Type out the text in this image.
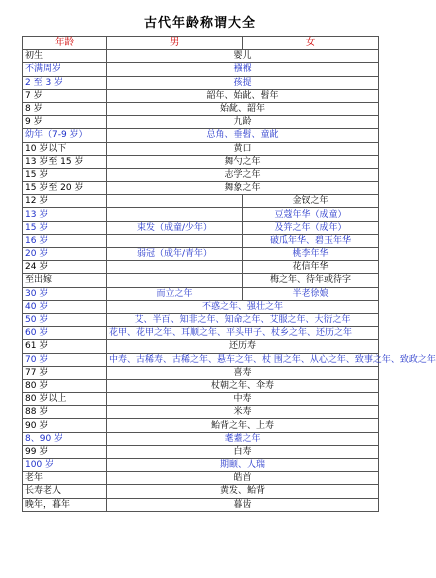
古代年龄称谓大全
年龄	男	女
初生	婴儿	
不满周岁	襁褓	
2 至 3 岁	孩提	
7 岁	韶年、始龀、髫年	
8 岁	始龀、韶年	
9 岁	九龄	
幼年（7-9 岁）	总角、垂髫、童龀	
10 岁以下	黄口	
13 岁至 15 岁	舞勺之年	
15 岁	志学之年	
15 岁至 20 岁	舞象之年	
12 岁		金钗之年
13 岁		豆蔻年华（成童）
15 岁	束发（成童/少年）	及笄之年（成年）
16 岁		破瓜年华、碧玉年华
20 岁	弱冠（成年/青年）	桃李年华
24 岁		花信年华
至出嫁		梅之年、待年或待字
30 岁	而立之年	半老徐娘
40 岁	不惑之年、强壮之年	
50 岁	艾、半百、知非之年、知命之年、艾服之年、大衍之年	
60 岁	花甲、花甲之年、耳顺之年、平头甲子、杖乡之年、还历之年	
61 岁	还历寿	
70 岁	中寿、古稀寿、古稀之年、悬车之年、杖 围之年、从心之年、致事之年、致政之年	
77 岁	喜寿	
80 岁	杖朝之年、伞寿	
80 岁以上	中寿	
88 岁	米寿	
90 岁	鲐背之年、上寿	
8、90 岁	耄耋之年	
99 岁	白寿	
100 岁	期颐、人瑞	
老年	皓首	
长寿老人	黄发、鲐背	
晚年，暮年	暮齿	
